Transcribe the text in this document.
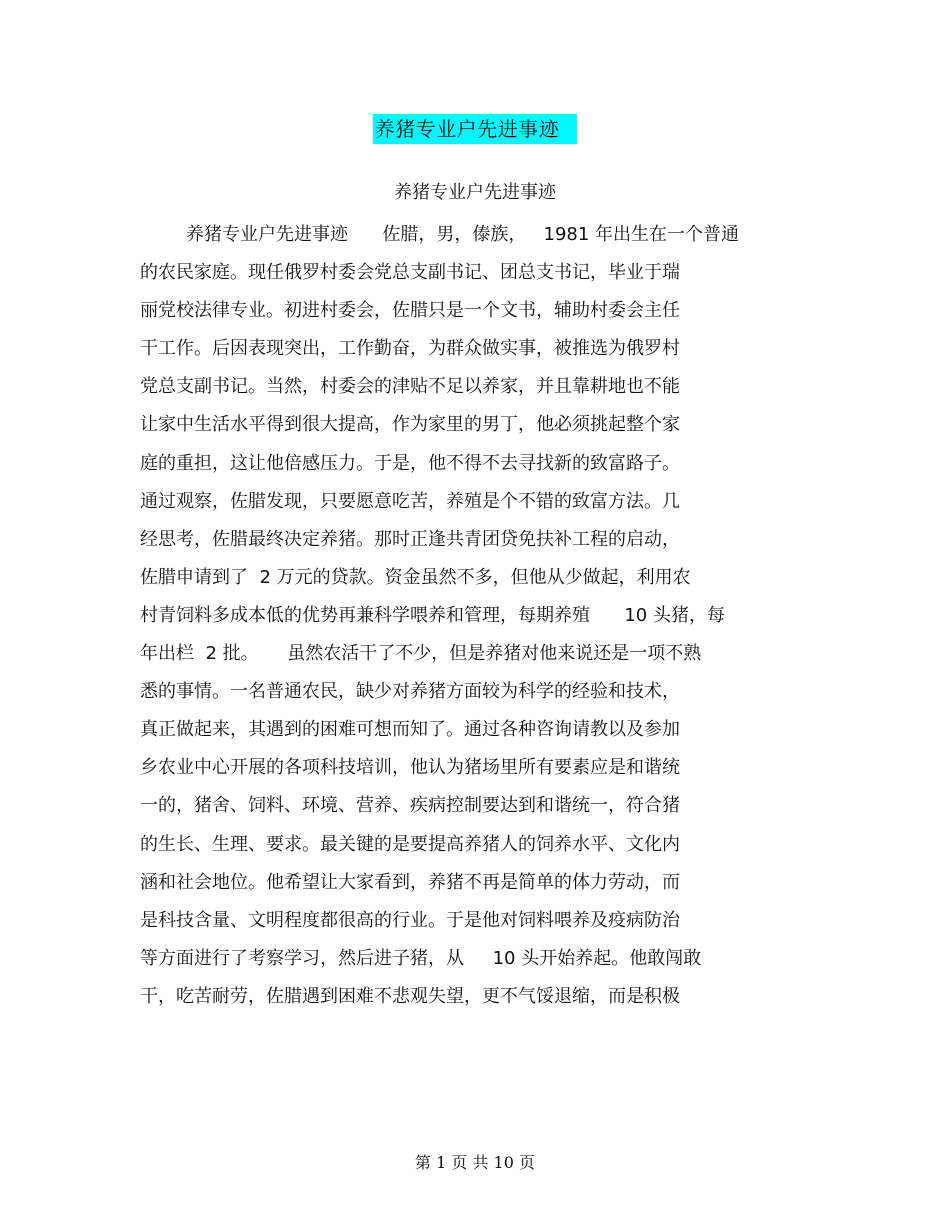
养猪专业户先进事迹
养猪专业户先进事迹
养猪专业户先进事迹      佐腊，男，傣族，   1981 年出生在一个普通
的农民家庭。现任俄罗村委会党总支副书记、团总支书记，毕业于瑞
丽党校法律专业。初进村委会，佐腊只是一个文书，辅助村委会主任
干工作。后因表现突出，工作勤奋，为群众做实事，被推选为俄罗村
党总支副书记。当然，村委会的津贴不足以养家，并且靠耕地也不能
让家中生活水平得到很大提高，作为家里的男丁，他必须挑起整个家
庭的重担，这让他倍感压力。于是，他不得不去寻找新的致富路子。
通过观察，佐腊发现，只要愿意吃苦，养殖是个不错的致富方法。几
经思考，佐腊最终决定养猪。那时正逢共青团贷免扶补工程的启动，
佐腊申请到了  2 万元的贷款。资金虽然不多，但他从少做起，利用农
村青饲料多成本低的优势再兼科学喂养和管理，每期养殖      10 头猪，每
年出栏  2 批。     虽然农活干了不少，但是养猪对他来说还是一项不熟
悉的事情。一名普通农民，缺少对养猪方面较为科学的经验和技术，
真正做起来，其遇到的困难可想而知了。通过各种咨询请教以及参加
乡农业中心开展的各项科技培训，他认为猪场里所有要素应是和谐统
一的，猪舍、饲料、环境、营养、疾病控制要达到和谐统一，符合猪
的生长、生理、要求。最关键的是要提高养猪人的饲养水平、文化内
涵和社会地位。他希望让大家看到，养猪不再是简单的体力劳动，而
是科技含量、文明程度都很高的行业。于是他对饲料喂养及疫病防治
等方面进行了考察学习，然后进子猪，从     10 头开始养起。他敢闯敢
干，吃苦耐劳，佐腊遇到困难不悲观失望，更不气馁退缩，而是积极
第 1 页 共 10 页
